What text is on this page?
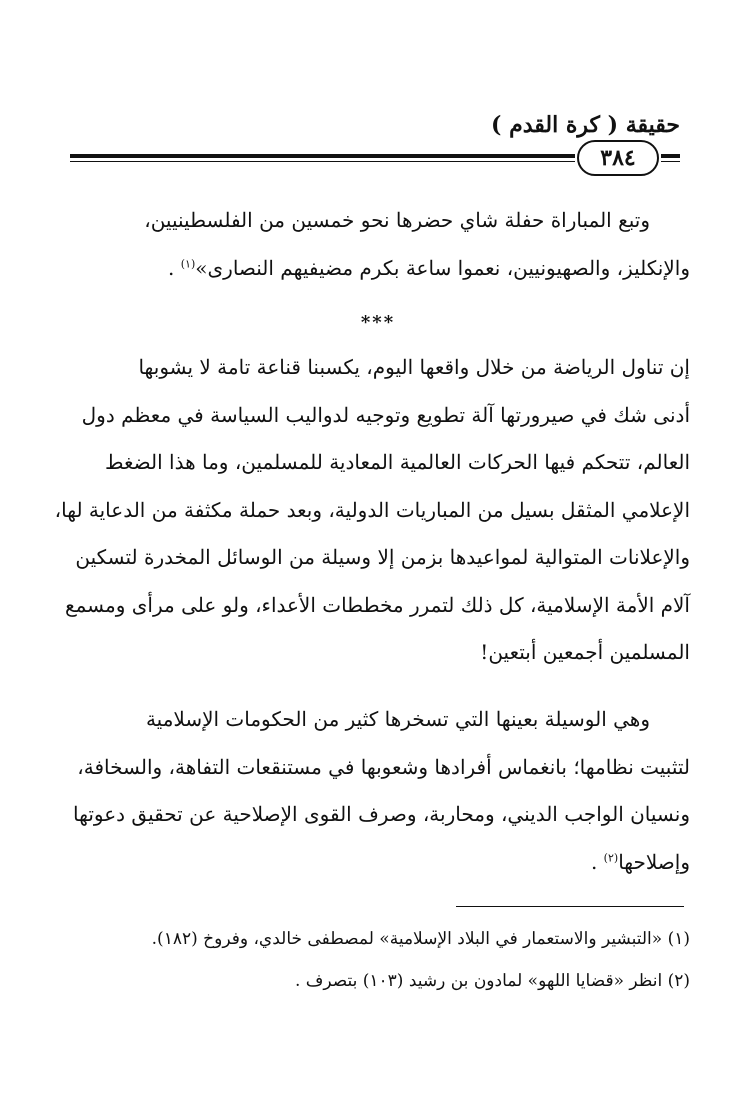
حقيقة ( كرة القدم )
٣٨٤
وتبع المباراة حفلة شاي حضرها نحو خمسين من الفلسطينيين،
والإنكليز، والصهيونيين، نعموا ساعة بكرم مضيفيهم النصارى»$^{(١)}$ .
***
إن تناول الرياضة من خلال واقعها اليوم، يكسبنا قناعة تامة لا يشوبها
أدنى شك في صيرورتها آلة تطويع وتوجيه لدواليب السياسة في معظم دول
العالم، تتحكم فيها الحركات العالمية المعادية للمسلمين، وما هذا الضغط
الإعلامي المثقل بسيل من المباريات الدولية، وبعد حملة مكثفة من الدعاية لها،
والإعلانات المتوالية لمواعيدها بزمن إلا وسيلة من الوسائل المخدرة لتسكين
آلام الأمة الإسلامية، كل ذلك لتمرر مخططات الأعداء، ولو على مرأى ومسمع
المسلمين أجمعين أبتعين!
وهي الوسيلة بعينها التي تسخرها كثير من الحكومات الإسلامية
لتثبيت نظامها؛ بانغماس أفرادها وشعوبها في مستنقعات التفاهة، والسخافة،
ونسيان الواجب الديني، ومحاربة، وصرف القوى الإصلاحية عن تحقيق دعوتها
وإصلاحها$^{(٢)}$ .
(١) «التبشير والاستعمار في البلاد الإسلامية» لمصطفى خالدي، وفروخ (١٨٢).
(٢) انظر «قضايا اللهو» لمادون بن رشيد (١٠٣) بتصرف .
